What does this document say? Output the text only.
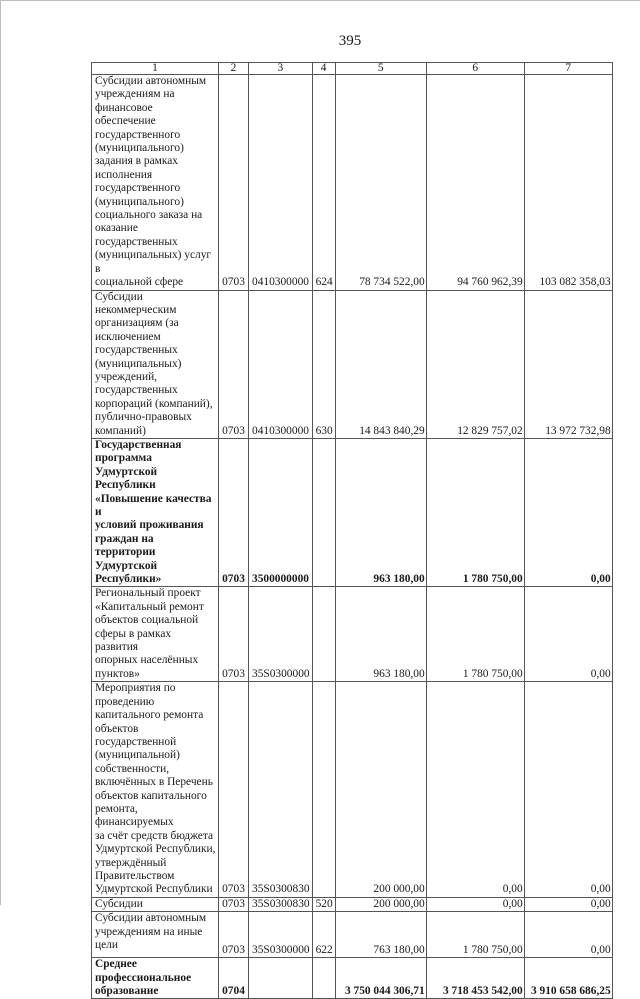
395
1	2	3	4	5	6	7

Субсидии автономным
учреждениям на
финансовое обеспечение
государственного
(муниципального)
задания в рамках
исполнения
государственного
(муниципального)
социального заказа на
оказание
государственных
(муниципальных) услуг в
социальной сфере	0703	0410300000	624	78 734 522,00	94 760 962,39	103 082 358,03

Субсидии
некоммерческим
организациям (за
исключением
государственных
(муниципальных)
учреждений,
государственных
корпораций (компаний),
публично-правовых
компаний)	0703	0410300000	630	14 843 840,29	12 829 757,02	13 972 732,98

Государственная
программа Удмуртской
Республики
«Повышение качества и
условий проживания
граждан на территории
Удмуртской
Республики»	0703	3500000000		963 180,00	1 780 750,00	0,00

Региональный проект
«Капитальный ремонт
объектов социальной
сферы в рамках развития
опорных населённых
пунктов»	0703	35S0300000		963 180,00	1 780 750,00	0,00

Мероприятия по
проведению
капитального ремонта
объектов
государственной
(муниципальной)
собственности,
включённых в Перечень
объектов капитального
ремонта, финансируемых
за счёт средств бюджета
Удмуртской Республики,
утверждённый
Правительством
Удмуртской Республики	0703	35S0300830		200 000,00	0,00	0,00

Субсидии	0703	35S0300830	520	200 000,00	0,00	0,00

Субсидии автономным
учреждениям на иные
цели	0703	35S0300000	622	763 180,00	1 780 750,00	0,00

Среднее
профессиональное
образование	0704			3 750 044 306,71	3 718 453 542,00	3 910 658 686,25
